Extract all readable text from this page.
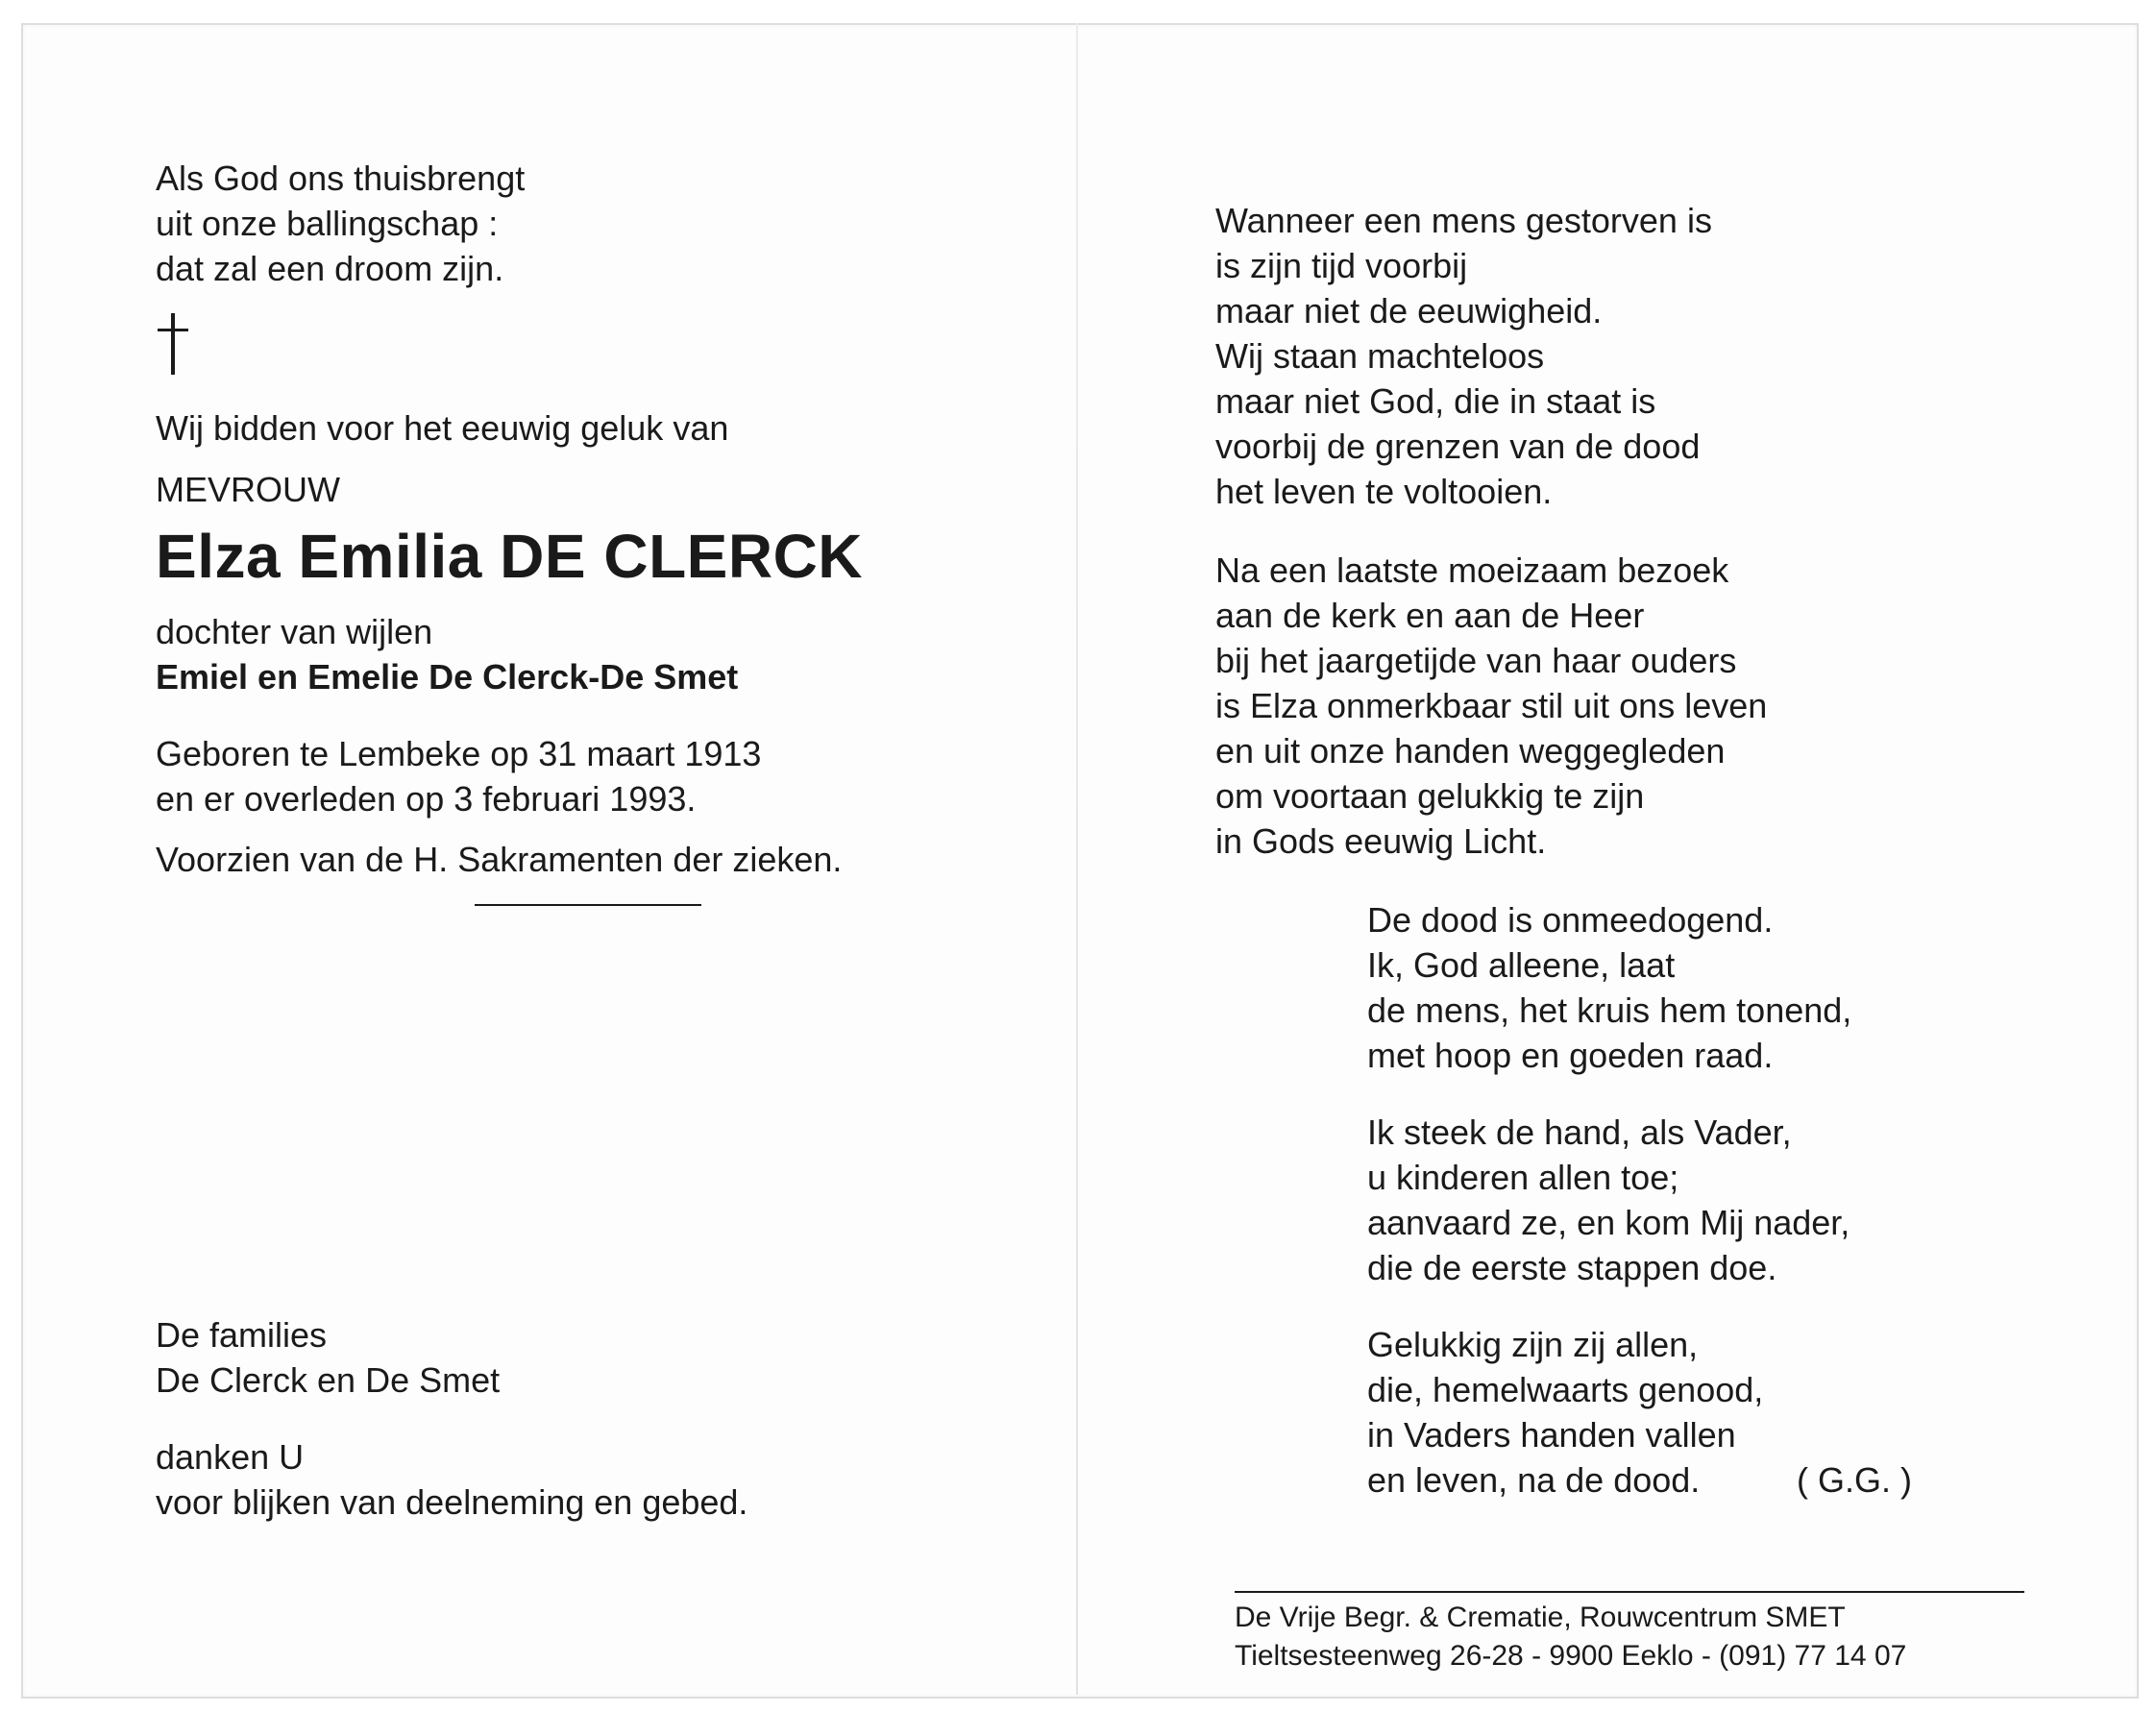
Als God ons thuisbrengt
uit onze ballingschap :
dat zal een droom zijn.
Wij bidden voor het eeuwig geluk van
MEVROUW
Elza Emilia DE CLERCK
dochter van wijlen
Emiel en Emelie De Clerck-De Smet
Geboren te Lembeke op 31 maart 1913
en er overleden op 3 februari 1993.
Voorzien van de H. Sakramenten der zieken.
De families
De Clerck en De Smet
danken U
voor blijken van deelneming en gebed.
Wanneer een mens gestorven is
is zijn tijd voorbij
maar niet de eeuwigheid.
Wij staan machteloos
maar niet God, die in staat is
voorbij de grenzen van de dood
het leven te voltooien.
Na een laatste moeizaam bezoek
aan de kerk en aan de Heer
bij het jaargetijde van haar ouders
is Elza onmerkbaar stil uit ons leven
en uit onze handen weggegleden
om voortaan gelukkig te zijn
in Gods eeuwig Licht.
De dood is onmeedogend.
Ik, God alleene, laat
de mens, het kruis hem tonend,
met hoop en goeden raad.
Ik steek de hand, als Vader,
u kinderen allen toe;
aanvaard ze, en kom Mij nader,
die de eerste stappen doe.
Gelukkig zijn zij allen,
die, hemelwaarts genood,
in Vaders handen vallen
en leven, na de dood.	( G.G. )
De Vrije Begr. & Crematie, Rouwcentrum SMET
Tieltsesteenweg 26-28 - 9900 Eeklo - (091) 77 14 07
